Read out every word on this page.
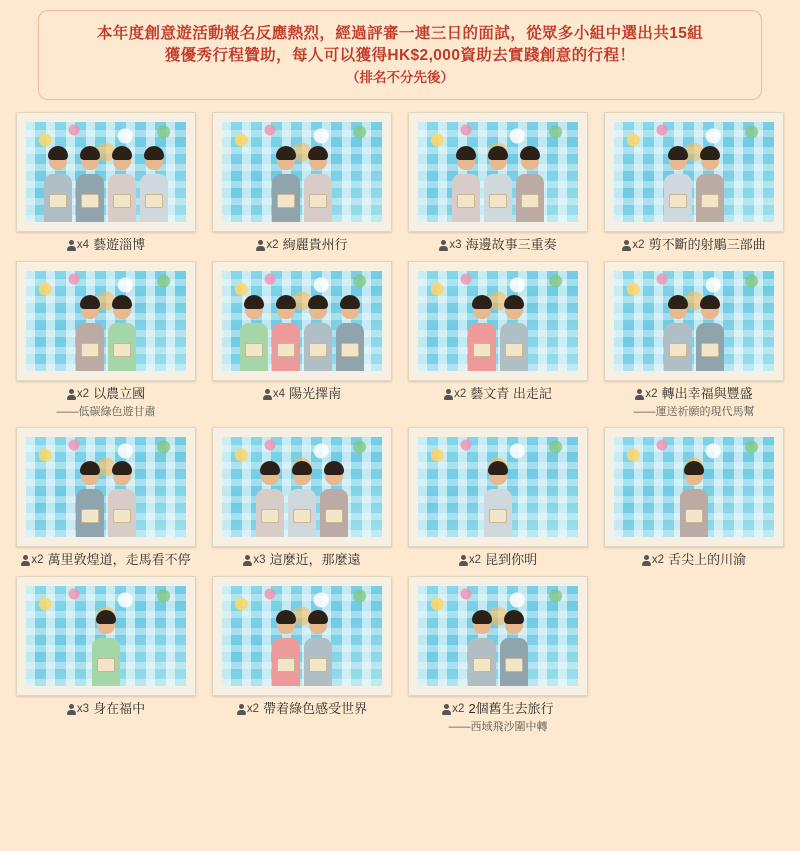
本年度創意遊活動報名反應熱烈，經過評審一連三日的面試，從眾多小組中選出共15組
獲優秀行程贊助，每人可以獲得HK$2,000資助去實踐創意的行程！
（排名不分先後）
x4 藝遊淄博	x2 絢麗貴州行	x3 海邊故事三重奏	x2 剪不斷的射鵰三部曲
x2 以農立國
——低碳綠色遊甘肅
x4 陽光擇南	x2 藝文青 出走記	x2 轉出幸福與豐盛
——運送祈願的現代馬幫
x2 萬里敦煌道，走馬看不停	x3 這麼近，那麼遠	x2 昆到你明	x2 舌尖上的川渝
x3 身在福中	x2 帶着綠色感受世界	x2 2個舊生去旅行
——西域飛沙圍中轉
